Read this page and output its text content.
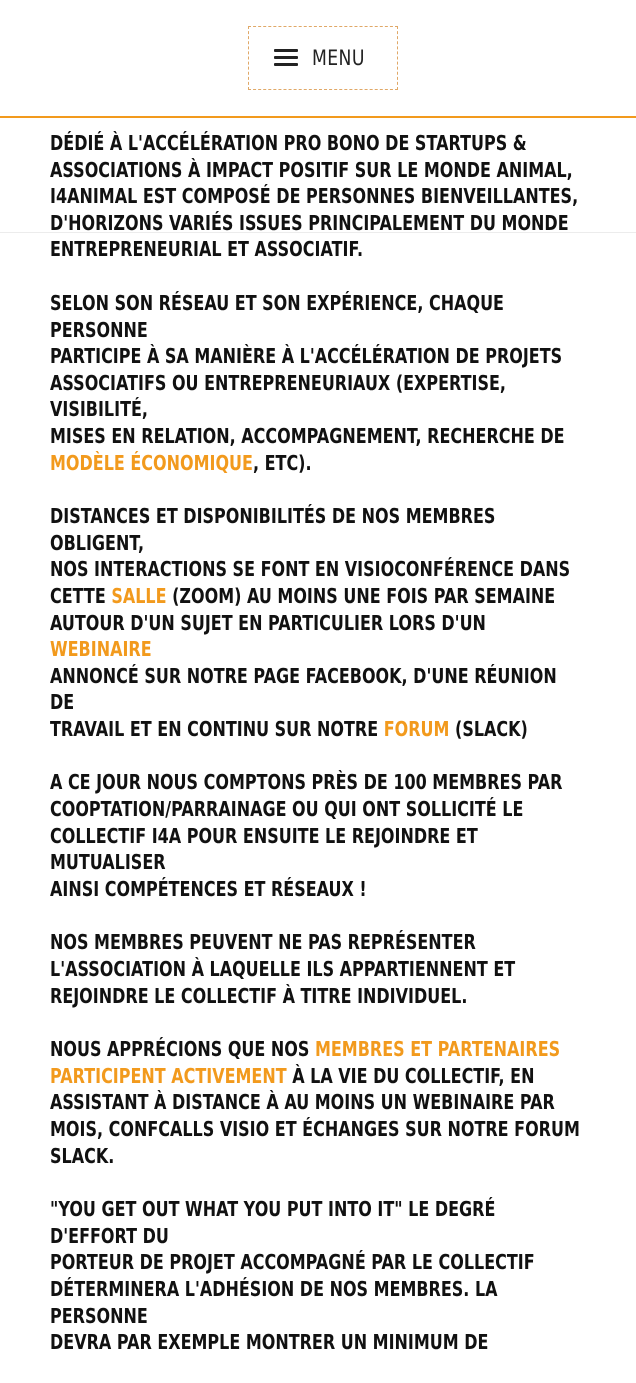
MENU

DÉDIÉ À L'ACCÉLÉRATION PRO BONO DE STARTUPS &
ASSOCIATIONS À IMPACT POSITIF SUR LE MONDE ANIMAL,
I4ANIMAL EST COMPOSÉ DE PERSONNES BIENVEILLANTES,
D'HORIZONS VARIÉS ISSUES PRINCIPALEMENT DU MONDE
ENTREPRENEURIAL ET ASSOCIATIF.

SELON SON RÉSEAU ET SON EXPÉRIENCE, CHAQUE PERSONNE
PARTICIPE À SA MANIÈRE À L'ACCÉLÉRATION DE PROJETS
ASSOCIATIFS OU ENTREPRENEURIAUX (EXPERTISE, VISIBILITÉ,
MISES EN RELATION, ACCOMPAGNEMENT, RECHERCHE DE
MODÈLE ÉCONOMIQUE, ETC).

DISTANCES ET DISPONIBILITÉS DE NOS MEMBRES OBLIGENT,
NOS INTERACTIONS SE FONT EN VISIOCONFÉRENCE DANS
CETTE SALLE (ZOOM) AU MOINS UNE FOIS PAR SEMAINE
AUTOUR D'UN SUJET EN PARTICULIER LORS D'UN WEBINAIRE
ANNONCÉ SUR NOTRE PAGE FACEBOOK, D'UNE RÉUNION DE
TRAVAIL ET EN CONTINU SUR NOTRE FORUM (SLACK)

A CE JOUR NOUS COMPTONS PRÈS DE 100 MEMBRES PAR
COOPTATION/PARRAINAGE OU QUI ONT SOLLICITÉ LE
COLLECTIF I4A POUR ENSUITE LE REJOINDRE ET MUTUALISER
AINSI COMPÉTENCES ET RÉSEAUX !

NOS MEMBRES PEUVENT NE PAS REPRÉSENTER
L'ASSOCIATION À LAQUELLE ILS APPARTIENNENT ET
REJOINDRE LE COLLECTIF À TITRE INDIVIDUEL.

NOUS APPRÉCIONS QUE NOS MEMBRES ET PARTENAIRES
PARTICIPENT ACTIVEMENT À LA VIE DU COLLECTIF, EN
ASSISTANT À DISTANCE À AU MOINS UN WEBINAIRE PAR
MOIS, CONFCALLS VISIO ET ÉCHANGES SUR NOTRE FORUM
SLACK.

"YOU GET OUT WHAT YOU PUT INTO IT" LE DEGRÉ D'EFFORT DU
PORTEUR DE PROJET ACCOMPAGNÉ PAR LE COLLECTIF
DÉTERMINERA L'ADHÉSION DE NOS MEMBRES. LA PERSONNE
DEVRA PAR EXEMPLE MONTRER UN MINIMUM DE
